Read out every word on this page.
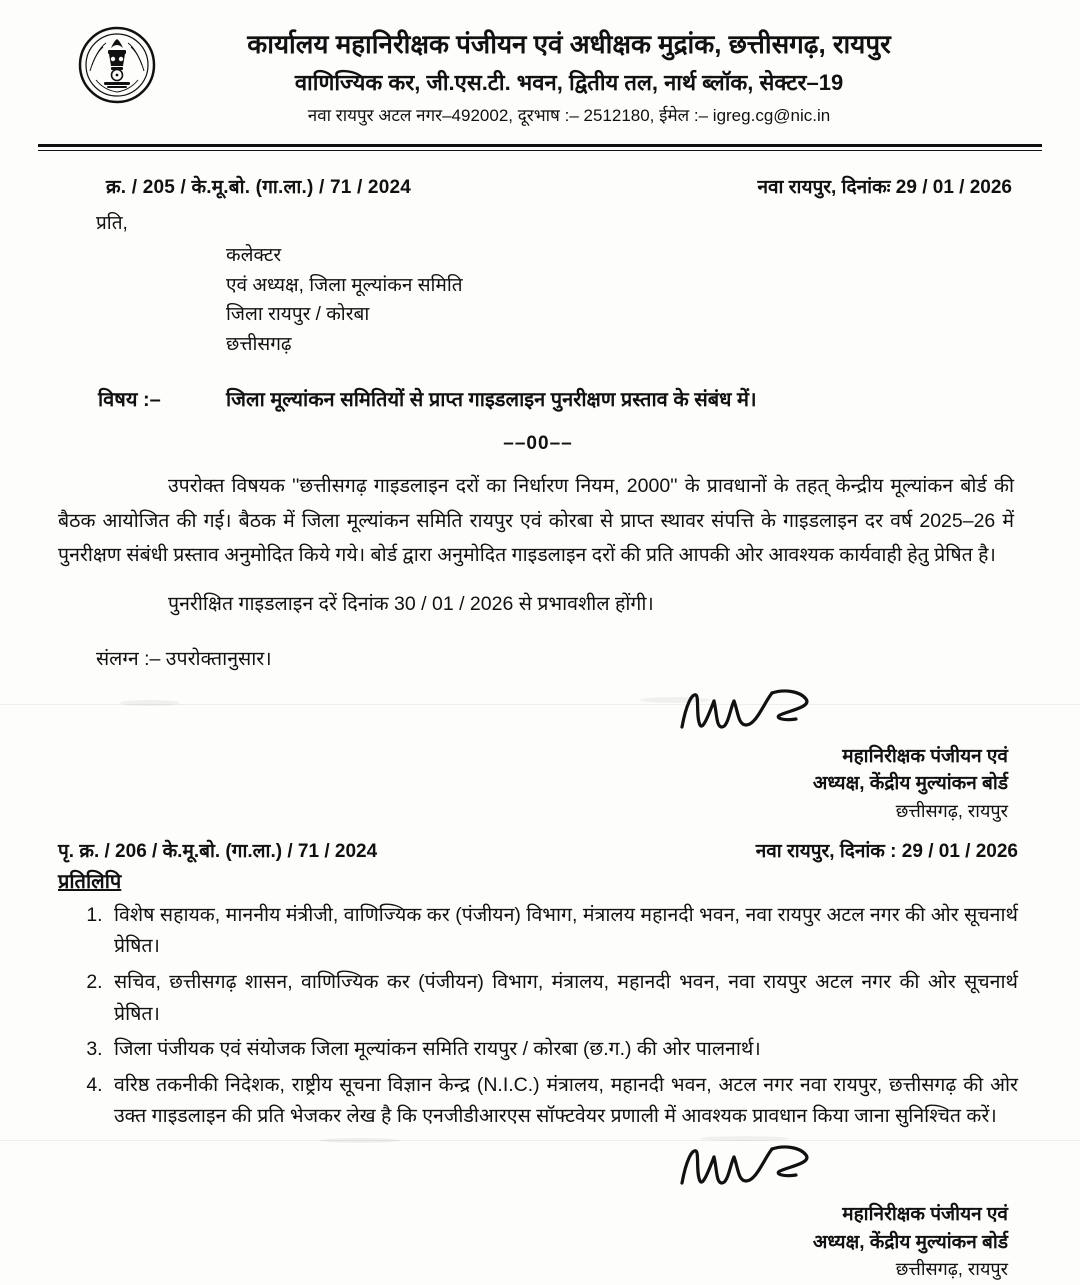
कार्यालय महानिरीक्षक पंजीयन एवं अधीक्षक मुद्रांक, छत्तीसगढ़, रायपुर
वाणिज्यिक कर, जी.एस.टी. भवन, द्वितीय तल, नार्थ ब्लॉक, सेक्टर–19
नवा रायपुर अटल नगर–492002, दूरभाष :– 2512180, ईमेल :– igreg.cg@nic.in
क्र. / 205 / के.मू.बो. (गा.ला.) / 71 / 2024	नवा रायपुर, दिनांकः 29 / 01 / 2026
प्रति,
कलेक्टर
एवं अध्यक्ष, जिला मूल्यांकन समिति
जिला रायपुर / कोरबा
छत्तीसगढ़
विषय :–	जिला मूल्यांकन समितियों से प्राप्त गाइडलाइन पुनरीक्षण प्रस्ताव के संबंध में।
––00––
उपरोक्त विषयक ''छत्तीसगढ़ गाइडलाइन दरों का निर्धारण नियम, 2000'' के प्रावधानों के तहत् केन्द्रीय मूल्यांकन बोर्ड की बैठक आयोजित की गई। बैठक में जिला मूल्यांकन समिति रायपुर एवं कोरबा से प्राप्त स्थावर संपत्ति के गाइडलाइन दर वर्ष 2025–26 में पुनरीक्षण संबंधी प्रस्ताव अनुमोदित किये गये। बोर्ड द्वारा अनुमोदित गाइडलाइन दरों की प्रति आपकी ओर आवश्यक कार्यवाही हेतु प्रेषित है।
पुनरीक्षित गाइडलाइन दरें दिनांक 30 / 01 / 2026 से प्रभावशील होंगी।
संलग्न :– उपरोक्तानुसार।
महानिरीक्षक पंजीयन एवं
अध्यक्ष, केंद्रीय मुल्यांकन बोर्ड
छत्तीसगढ़, रायपुर
पृ. क्र. / 206 / के.मू.बो. (गा.ला.) / 71 / 2024	नवा रायपुर, दिनांक : 29 / 01 / 2026
प्रतिलिपि
1. विशेष सहायक, माननीय मंत्रीजी, वाणिज्यिक कर (पंजीयन) विभाग, मंत्रालय महानदी भवन, नवा रायपुर अटल नगर की ओर सूचनार्थ प्रेषित।
2. सचिव, छत्तीसगढ़ शासन, वाणिज्यिक कर (पंजीयन) विभाग, मंत्रालय, महानदी भवन, नवा रायपुर अटल नगर की ओर सूचनार्थ प्रेषित।
3. जिला पंजीयक एवं संयोजक जिला मूल्यांकन समिति रायपुर / कोरबा (छ.ग.) की ओर पालनार्थ।
4. वरिष्ठ तकनीकी निदेशक, राष्ट्रीय सूचना विज्ञान केन्द्र (N.I.C.) मंत्रालय, महानदी भवन, अटल नगर नवा रायपुर, छत्तीसगढ़ की ओर उक्त गाइडलाइन की प्रति भेजकर लेख है कि एनजीडीआरएस सॉफ्टवेयर प्रणाली में आवश्यक प्रावधान किया जाना सुनिश्चित करें।
महानिरीक्षक पंजीयन एवं
अध्यक्ष, केंद्रीय मुल्यांकन बोर्ड
छत्तीसगढ़, रायपुर
